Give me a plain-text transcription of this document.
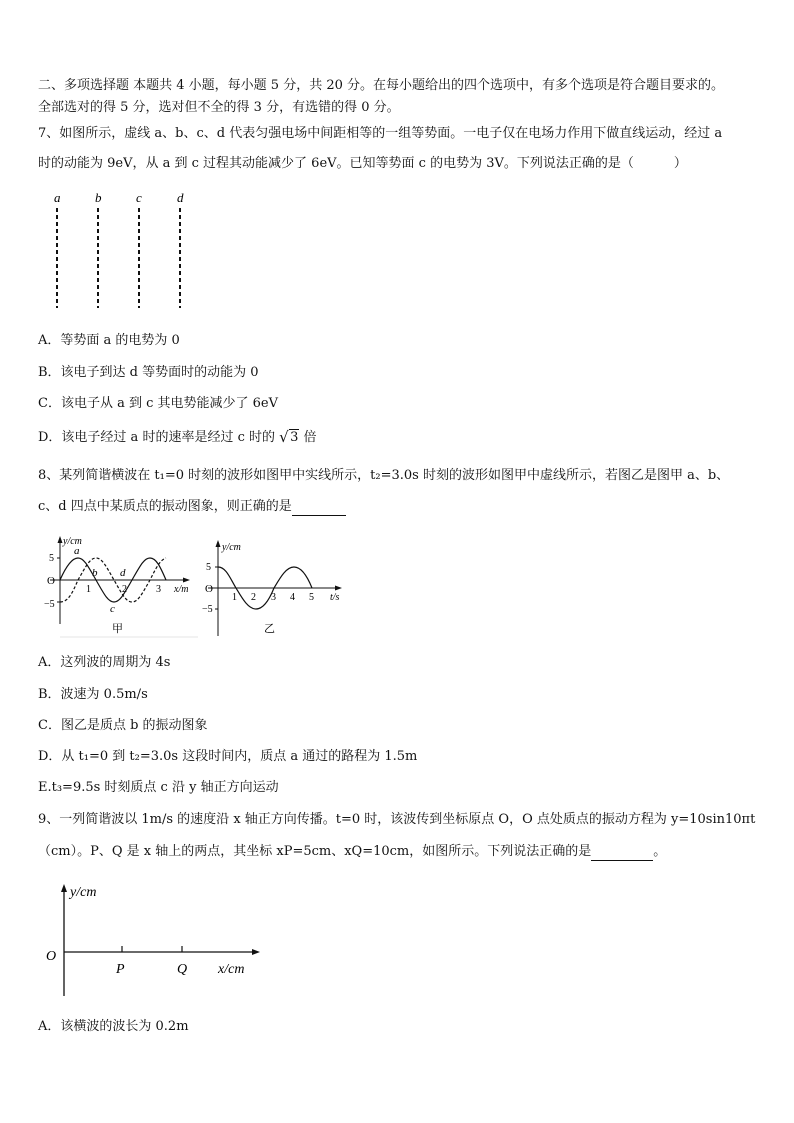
二、多项选择题 本题共 4 小题，每小题 5 分，共 20 分。在每小题给出的四个选项中，有多个选项是符合题目要求的。
全部选对的得 5 分，选对但不全的得 3 分，有选错的得 0 分。
7、如图所示，虚线 a、b、c、d 代表匀强电场中间距相等的一组等势面。一电子仅在电场力作用下做直线运动，经过 a
时的动能为 9eV，从 a 到 c 过程其动能减少了 6eV。已知等势面 c 的电势为 3V。下列说法正确的是（	）
a	b	c	d
A．等势面 a 的电势为 0
B．该电子到达 d 等势面时的动能为 0
C．该电子从 a 到 c 其电势能减少了 6eV
D．该电子经过 a 时的速率是经过 c 时的 √ 3 倍
8、某列简谐横波在 t₁=0 时刻的波形如图甲中实线所示，t₂=3.0s 时刻的波形如图甲中虚线所示，若图乙是图甲 a、b、
c、d 四点中某质点的振动图象，则正确的是
y/cm
x/m
5
O
−5
1	2	3
a
b
c
d
甲
y/cm
t/s
5
O
−5
1 2 3 4 5
乙
A．这列波的周期为 4s
B．波速为 0.5m/s
C．图乙是质点 b 的振动图象
D．从 t₁=0 到 t₂=3.0s 这段时间内，质点 a 通过的路程为 1.5m
E.t₃=9.5s 时刻质点 c 沿 y 轴正方向运动
9、一列简谐波以 1m/s 的速度沿 x 轴正方向传播。t=0 时，该波传到坐标原点 O，O 点处质点的振动方程为 y=10sin10πt
（cm）。P、Q 是 x 轴上的两点，其坐标 xP=5cm、xQ=10cm，如图所示。下列说法正确的是	。
y/cm
O
P	Q x/cm
A．该横波的波长为 0.2m
